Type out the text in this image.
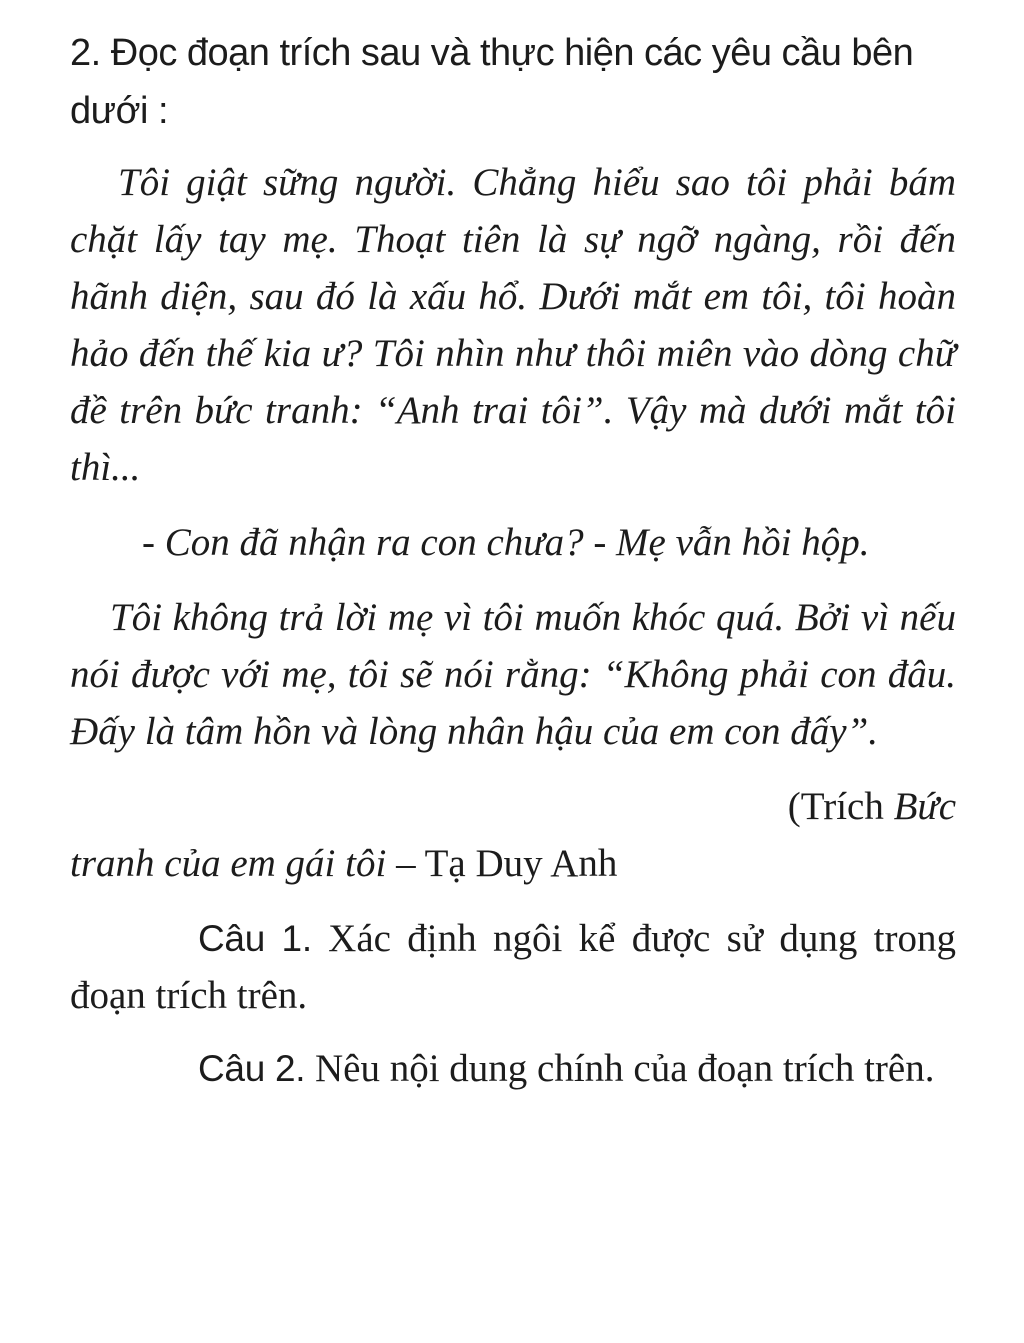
2. Đọc đoạn trích sau và thực hiện các yêu cầu bên dưới :

Tôi giật sững người. Chẳng hiểu sao tôi phải bám chặt lấy tay mẹ. Thoạt tiên là sự ngỡ ngàng, rồi đến hãnh diện, sau đó là xấu hổ. Dưới mắt em tôi, tôi hoàn hảo đến thế kia ư? Tôi nhìn như thôi miên vào dòng chữ đề trên bức tranh: “Anh trai tôi”. Vậy mà dưới mắt tôi thì...

- Con đã nhận ra con chưa? - Mẹ vẫn hồi hộp.

Tôi không trả lời mẹ vì tôi muốn khóc quá. Bởi vì nếu nói được với mẹ, tôi sẽ nói rằng: “Không phải con đâu. Đấy là tâm hồn và lòng nhân hậu của em con đấy”.

(Trích Bức
tranh của em gái tôi – Tạ Duy Anh

Câu 1. Xác định ngôi kể được sử dụng trong đoạn trích trên.

Câu 2. Nêu nội dung chính của đoạn trích trên.
